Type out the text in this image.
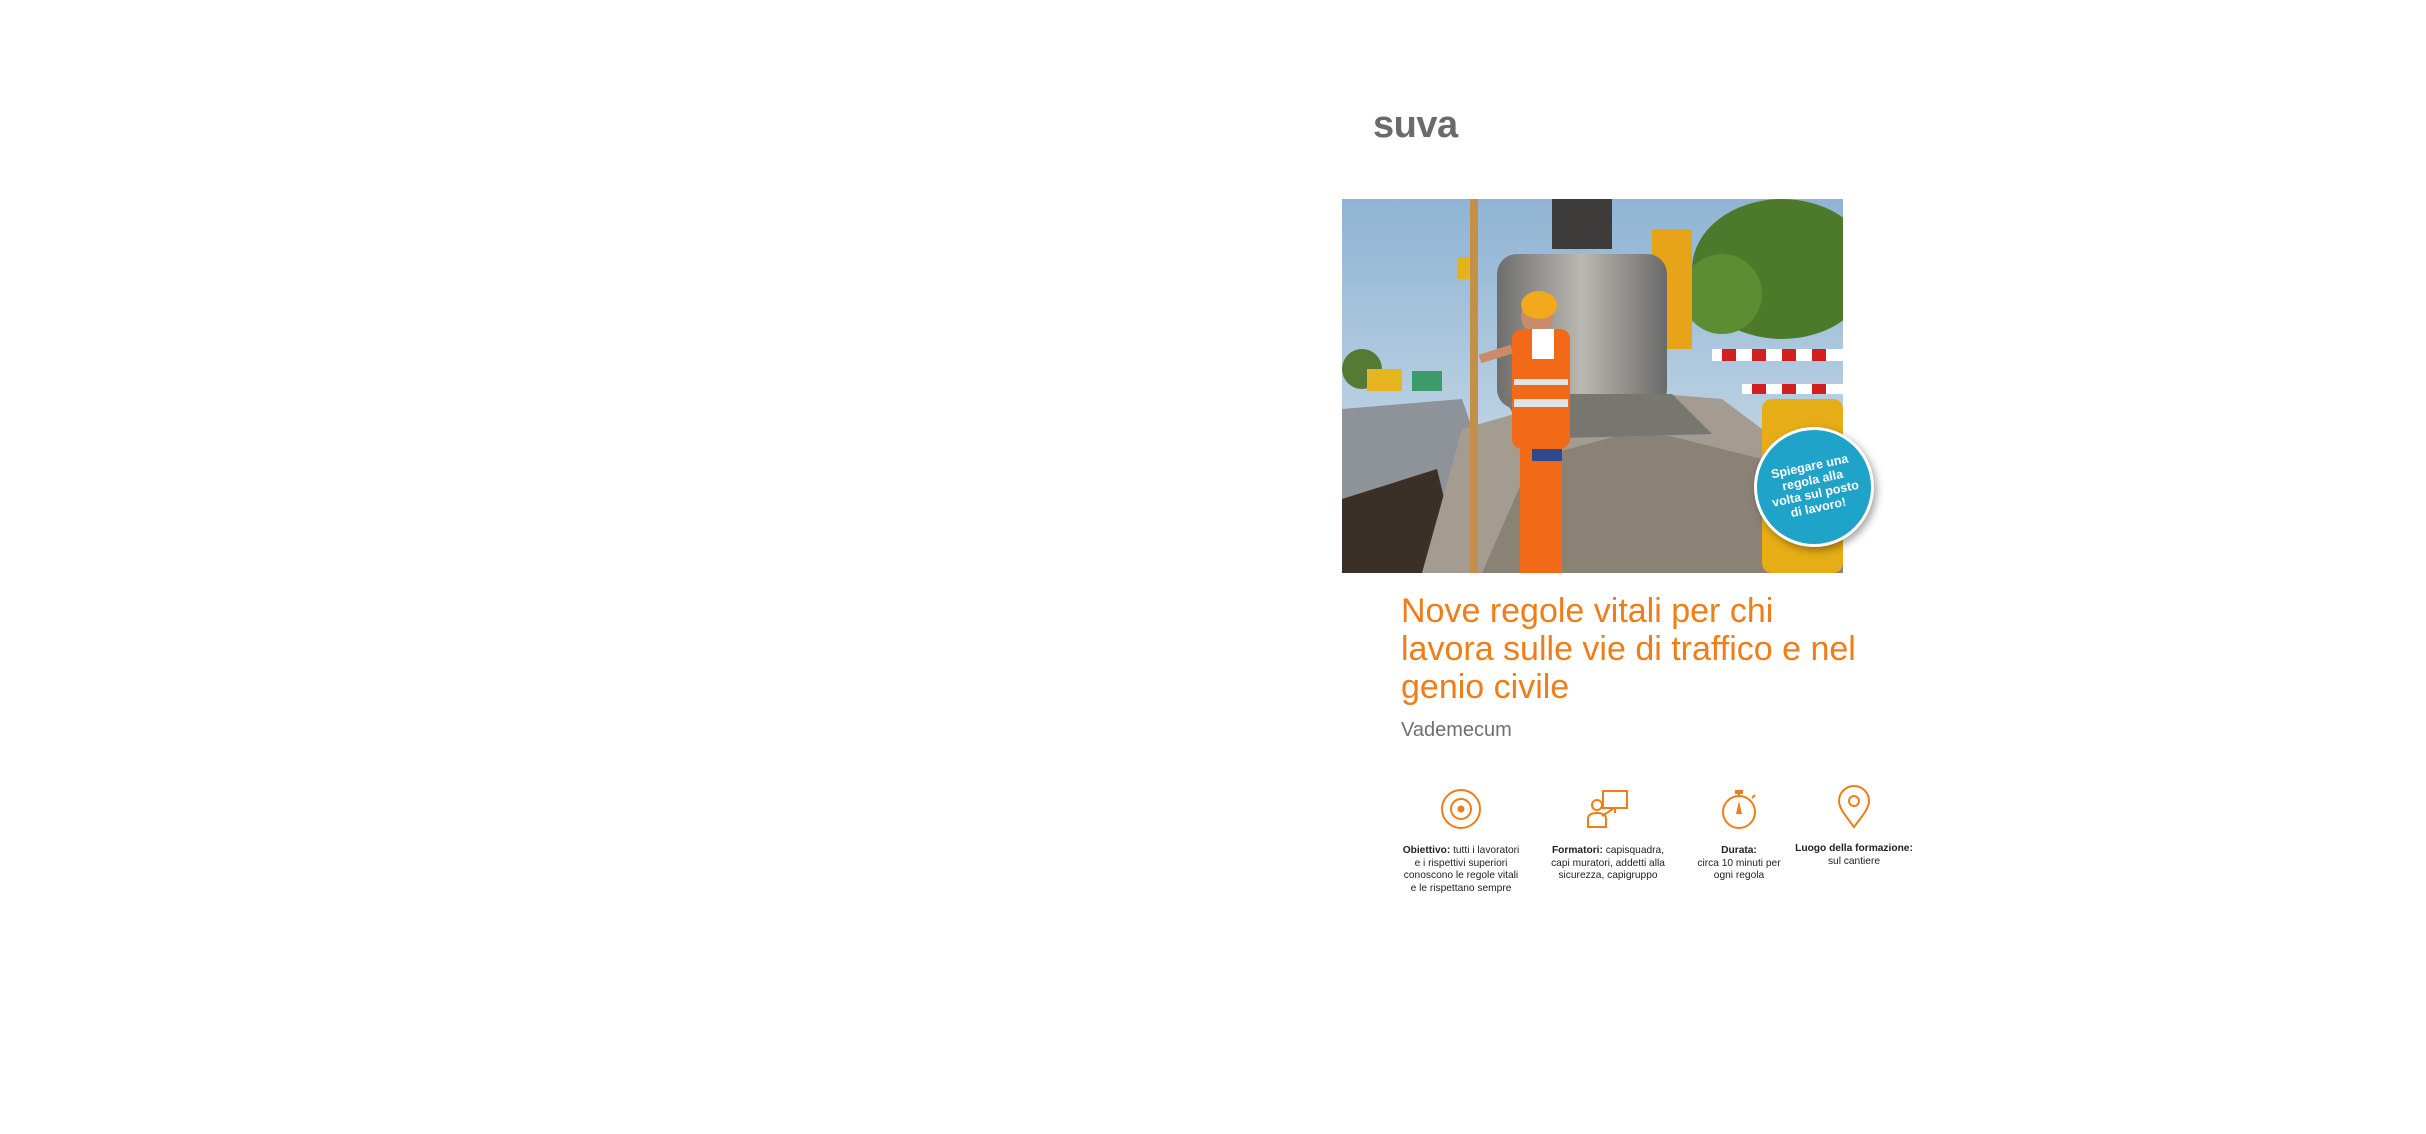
suva
Spiegare una regola alla volta sul posto di lavoro!
Nove regole vitali per chi lavora sulle vie di traffico e nel genio civile
Vademecum
Obiettivo: tutti i lavoratori e i rispettivi superiori conoscono le regole vitali e le rispettano sempre
Formatori: capisquadra, capi muratori, addetti alla sicurezza, capigruppo
Durata:
circa 10 minuti per ogni regola
Luogo della formazione:
sul cantiere
